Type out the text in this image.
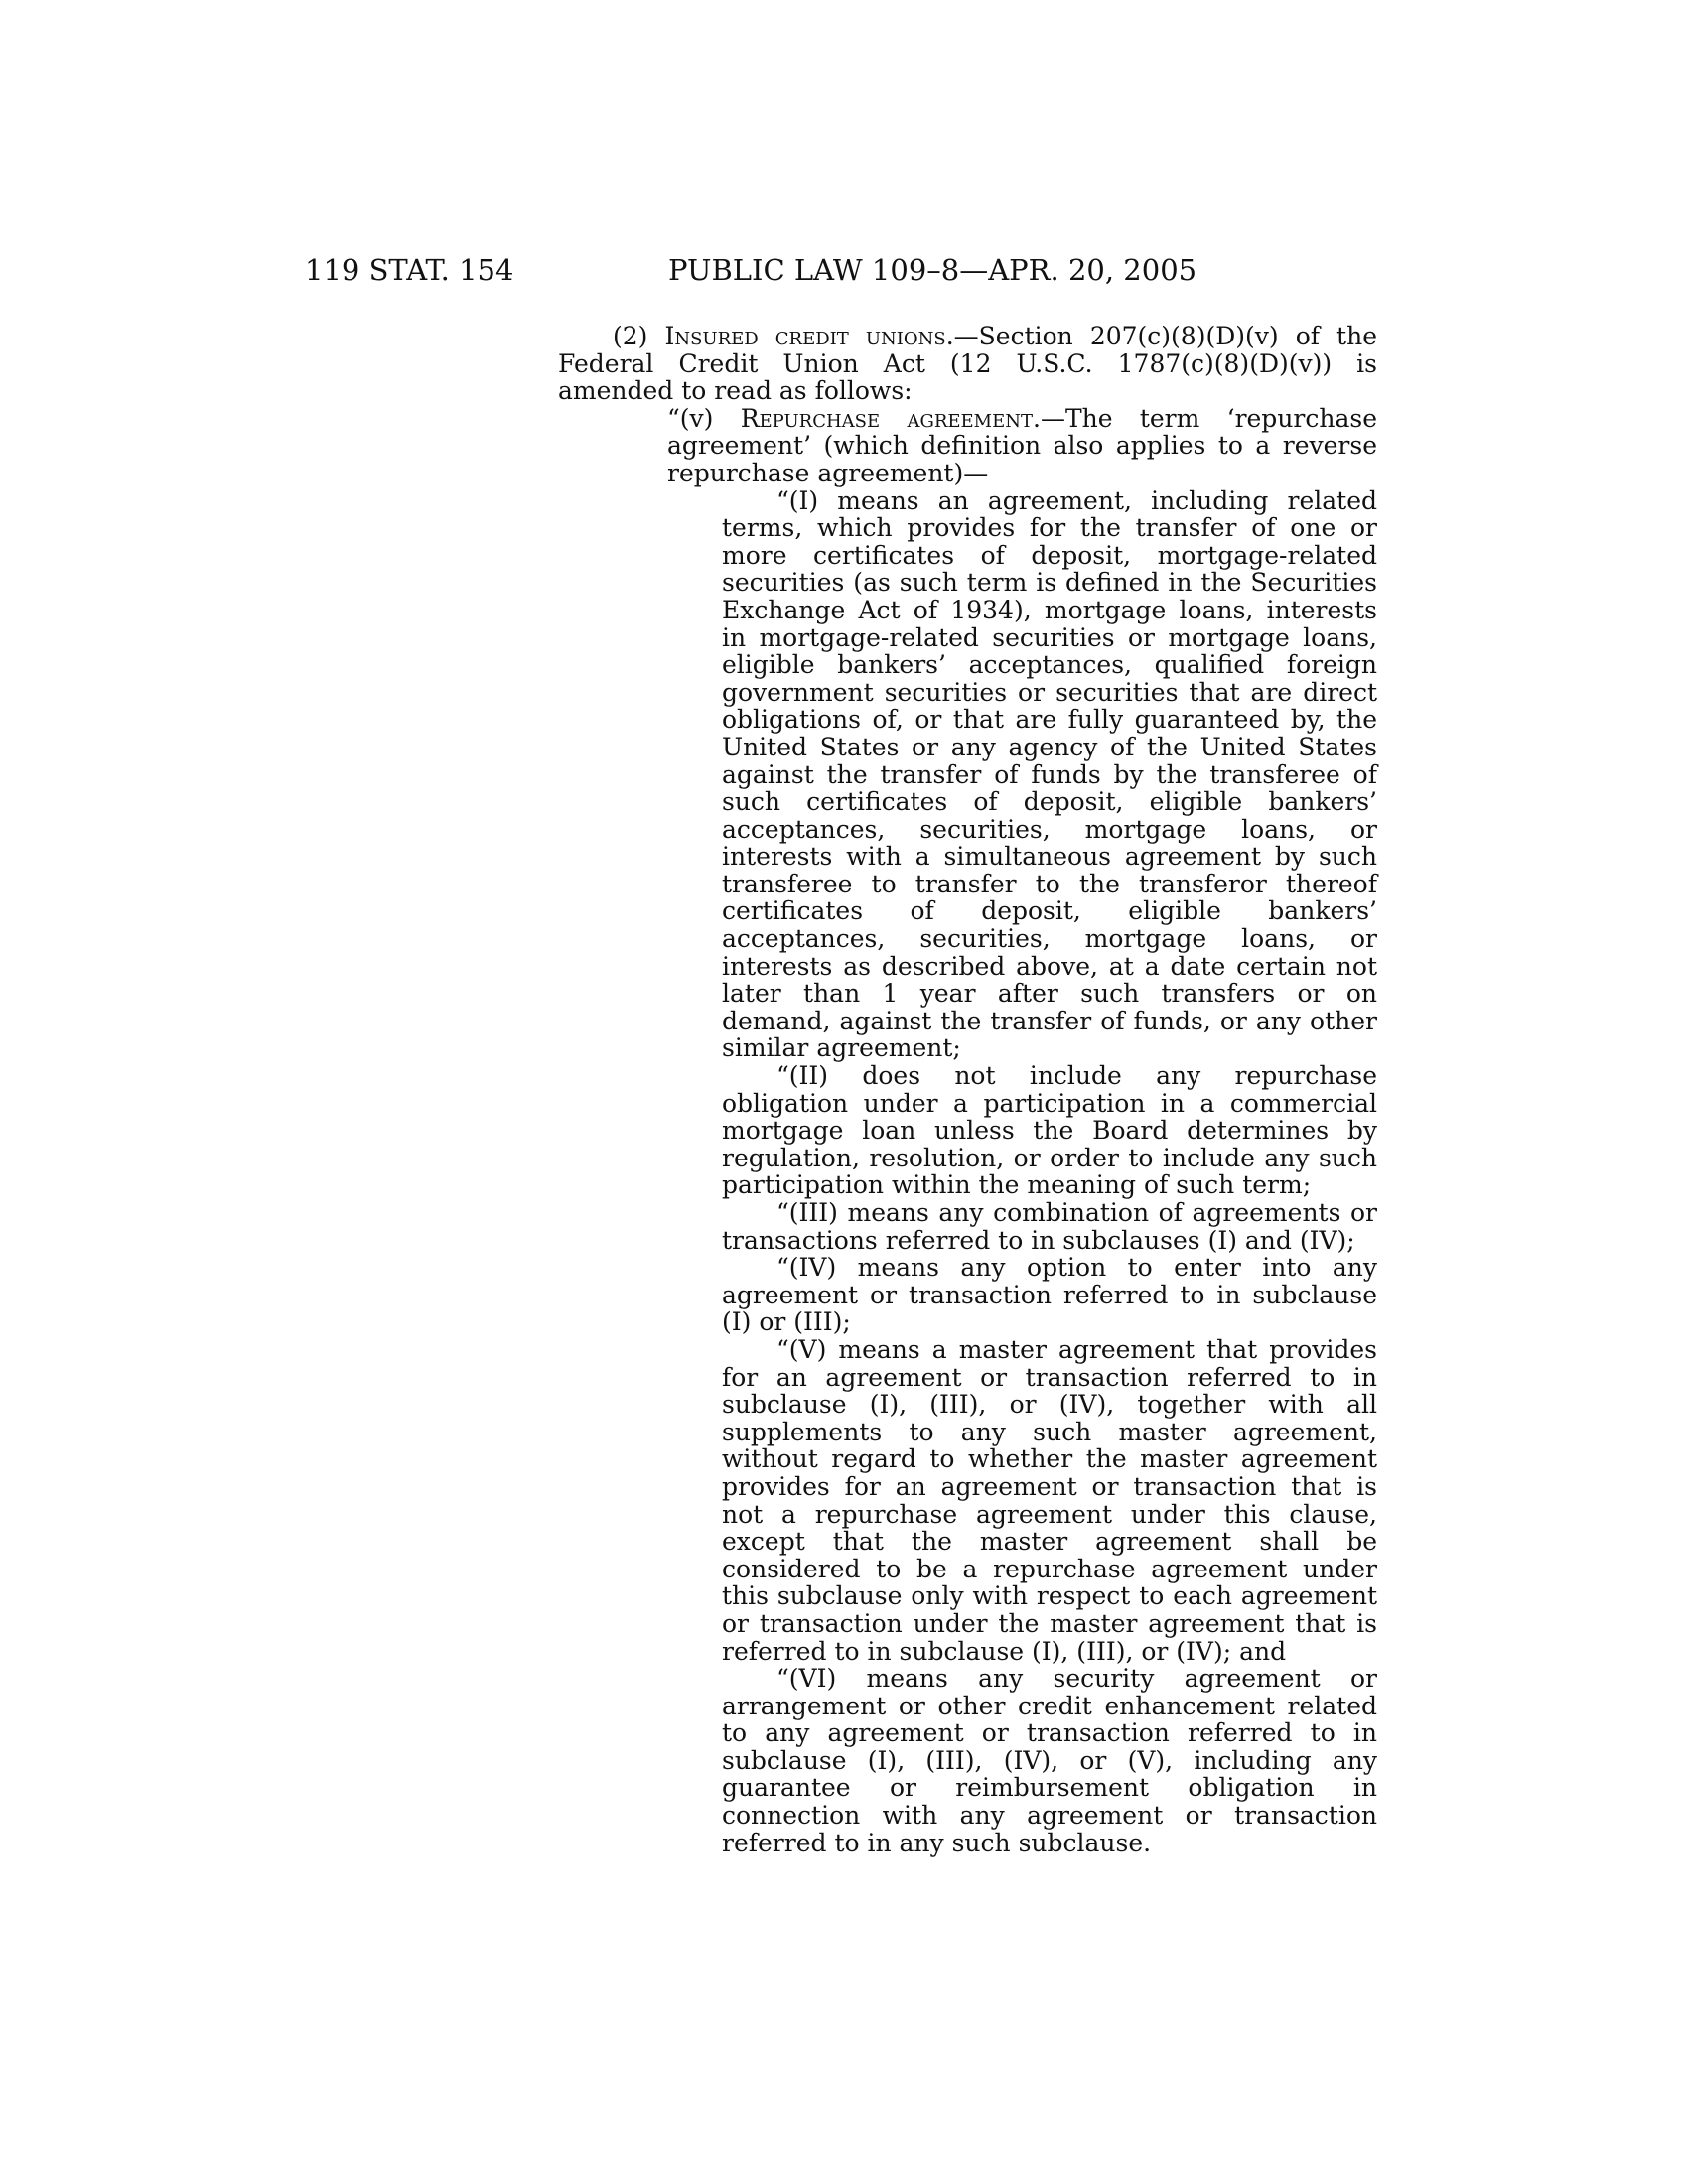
119 STAT. 154	PUBLIC LAW 109–8—APR. 20, 2005

(2) Insured credit unions.—Section 207(c)(8)(D)(v) of the Federal Credit Union Act (12 U.S.C. 1787(c)(8)(D)(v)) is amended to read as follows:

“(v) Repurchase agreement.—The term ‘repurchase agreement’ (which definition also applies to a reverse repurchase agreement)—

“(I) means an agreement, including related terms, which provides for the transfer of one or more certificates of deposit, mortgage-related securities (as such term is defined in the Securities Exchange Act of 1934), mortgage loans, interests in mortgage-related securities or mortgage loans, eligible bankers’ acceptances, qualified foreign government securities or securities that are direct obligations of, or that are fully guaranteed by, the United States or any agency of the United States against the transfer of funds by the transferee of such certificates of deposit, eligible bankers’ acceptances, securities, mortgage loans, or interests with a simultaneous agreement by such transferee to transfer to the transferor thereof certificates of deposit, eligible bankers’ acceptances, securities, mortgage loans, or interests as described above, at a date certain not later than 1 year after such transfers or on demand, against the transfer of funds, or any other similar agreement;

“(II) does not include any repurchase obligation under a participation in a commercial mortgage loan unless the Board determines by regulation, resolution, or order to include any such participation within the meaning of such term;

“(III) means any combination of agreements or transactions referred to in subclauses (I) and (IV);

“(IV) means any option to enter into any agreement or transaction referred to in subclause (I) or (III);

“(V) means a master agreement that provides for an agreement or transaction referred to in subclause (I), (III), or (IV), together with all supplements to any such master agreement, without regard to whether the master agreement provides for an agreement or transaction that is not a repurchase agreement under this clause, except that the master agreement shall be considered to be a repurchase agreement under this subclause only with respect to each agreement or transaction under the master agreement that is referred to in subclause (I), (III), or (IV); and

“(VI) means any security agreement or arrangement or other credit enhancement related to any agreement or transaction referred to in subclause (I), (III), (IV), or (V), including any guarantee or reimbursement obligation in connection with any agreement or transaction referred to in any such subclause.
